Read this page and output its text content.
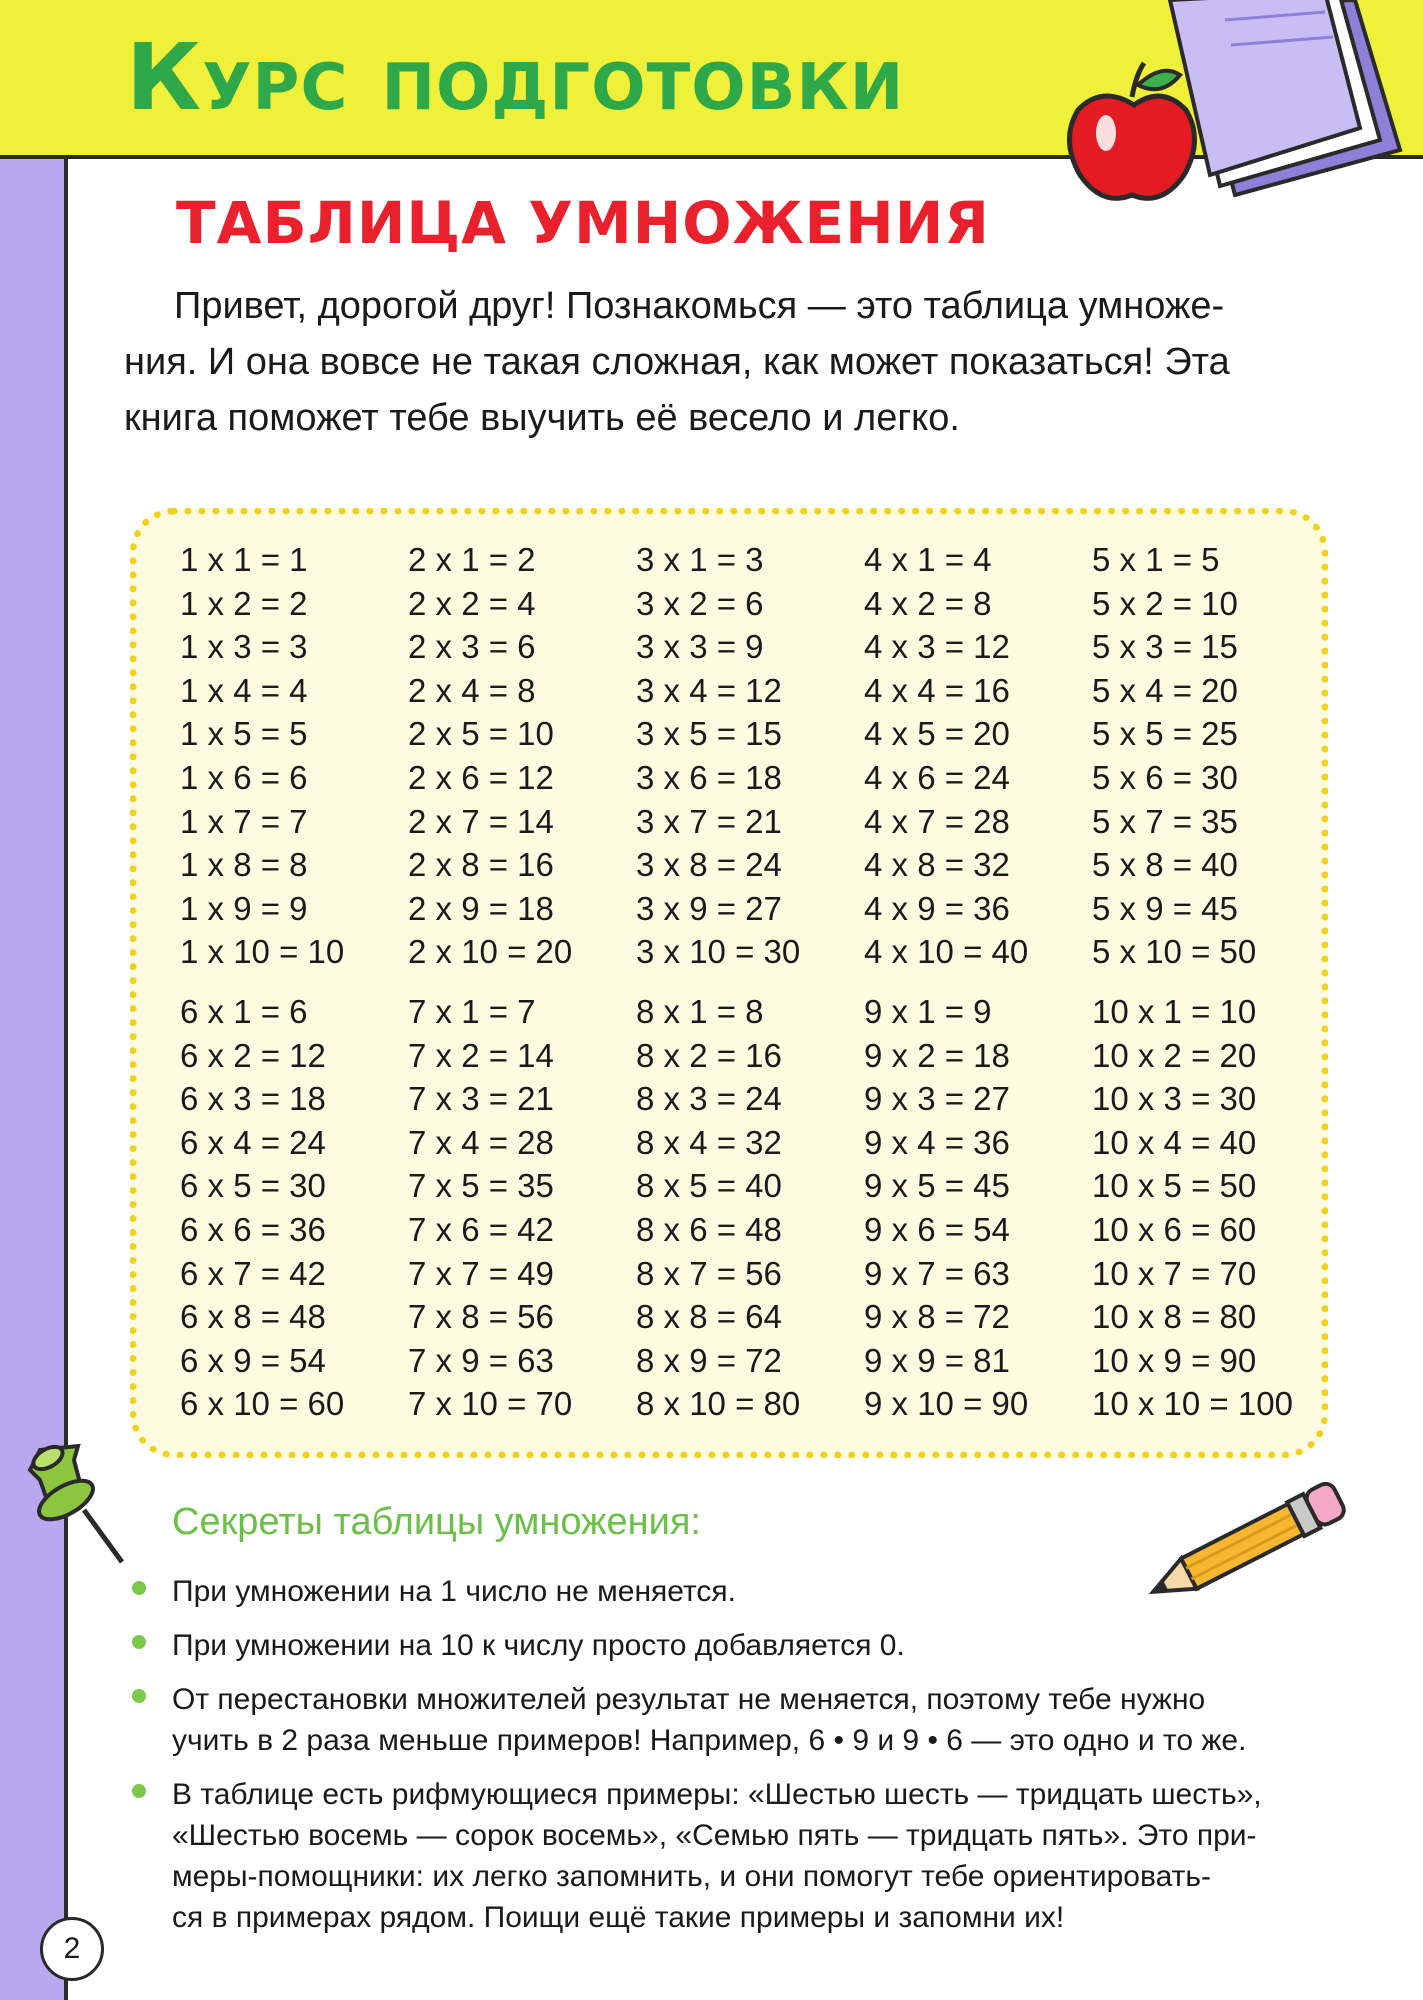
Курс подготовки
ТАБЛИЦА УМНОЖЕНИЯ

Привет, дорогой друг! Познакомься — это таблица умноже-
ния. И она вовсе не такая сложная, как может показаться! Эта
книга поможет тебе выучить её весело и легко.

1 x 1 = 1	2 x 1 = 2	3 x 1 = 3	4 x 1 = 4	5 x 1 = 5
1 x 2 = 2	2 x 2 = 4	3 x 2 = 6	4 x 2 = 8	5 x 2 = 10
1 x 3 = 3	2 x 3 = 6	3 x 3 = 9	4 x 3 = 12	5 x 3 = 15
1 x 4 = 4	2 x 4 = 8	3 x 4 = 12	4 x 4 = 16	5 x 4 = 20
1 x 5 = 5	2 x 5 = 10	3 x 5 = 15	4 x 5 = 20	5 x 5 = 25
1 x 6 = 6	2 x 6 = 12	3 x 6 = 18	4 x 6 = 24	5 x 6 = 30
1 x 7 = 7	2 x 7 = 14	3 x 7 = 21	4 x 7 = 28	5 x 7 = 35
1 x 8 = 8	2 x 8 = 16	3 x 8 = 24	4 x 8 = 32	5 x 8 = 40
1 x 9 = 9	2 x 9 = 18	3 x 9 = 27	4 x 9 = 36	5 x 9 = 45
1 x 10 = 10	2 x 10 = 20	3 x 10 = 30	4 x 10 = 40	5 x 10 = 50
6 x 1 = 6	7 x 1 = 7	8 x 1 = 8	9 x 1 = 9	10 x 1 = 10
6 x 2 = 12	7 x 2 = 14	8 x 2 = 16	9 x 2 = 18	10 x 2 = 20
6 x 3 = 18	7 x 3 = 21	8 x 3 = 24	9 x 3 = 27	10 x 3 = 30
6 x 4 = 24	7 x 4 = 28	8 x 4 = 32	9 x 4 = 36	10 x 4 = 40
6 x 5 = 30	7 x 5 = 35	8 x 5 = 40	9 x 5 = 45	10 x 5 = 50
6 x 6 = 36	7 x 6 = 42	8 x 6 = 48	9 x 6 = 54	10 x 6 = 60
6 x 7 = 42	7 x 7 = 49	8 x 7 = 56	9 x 7 = 63	10 x 7 = 70
6 x 8 = 48	7 x 8 = 56	8 x 8 = 64	9 x 8 = 72	10 x 8 = 80
6 x 9 = 54	7 x 9 = 63	8 x 9 = 72	9 x 9 = 81	10 x 9 = 90
6 x 10 = 60	7 x 10 = 70	8 x 10 = 80	9 x 10 = 90	10 x 10 = 100
Секреты таблицы умножения:
При умножении на 1 число не меняется.
При умножении на 10 к числу просто добавляется 0.
От перестановки множителей результат не меняется, поэтому тебе нужно
учить в 2 раза меньше примеров! Например, 6 • 9 и 9 • 6 — это одно и то же.
В таблице есть рифмующиеся примеры: «Шестью шесть — тридцать шесть»,
«Шестью восемь — сорок восемь», «Семью пять — тридцать пять». Это при-
меры-помощники: их легко запомнить, и они помогут тебе ориентировать-
ся в примерах рядом. Поищи ещё такие примеры и запомни их!
2
